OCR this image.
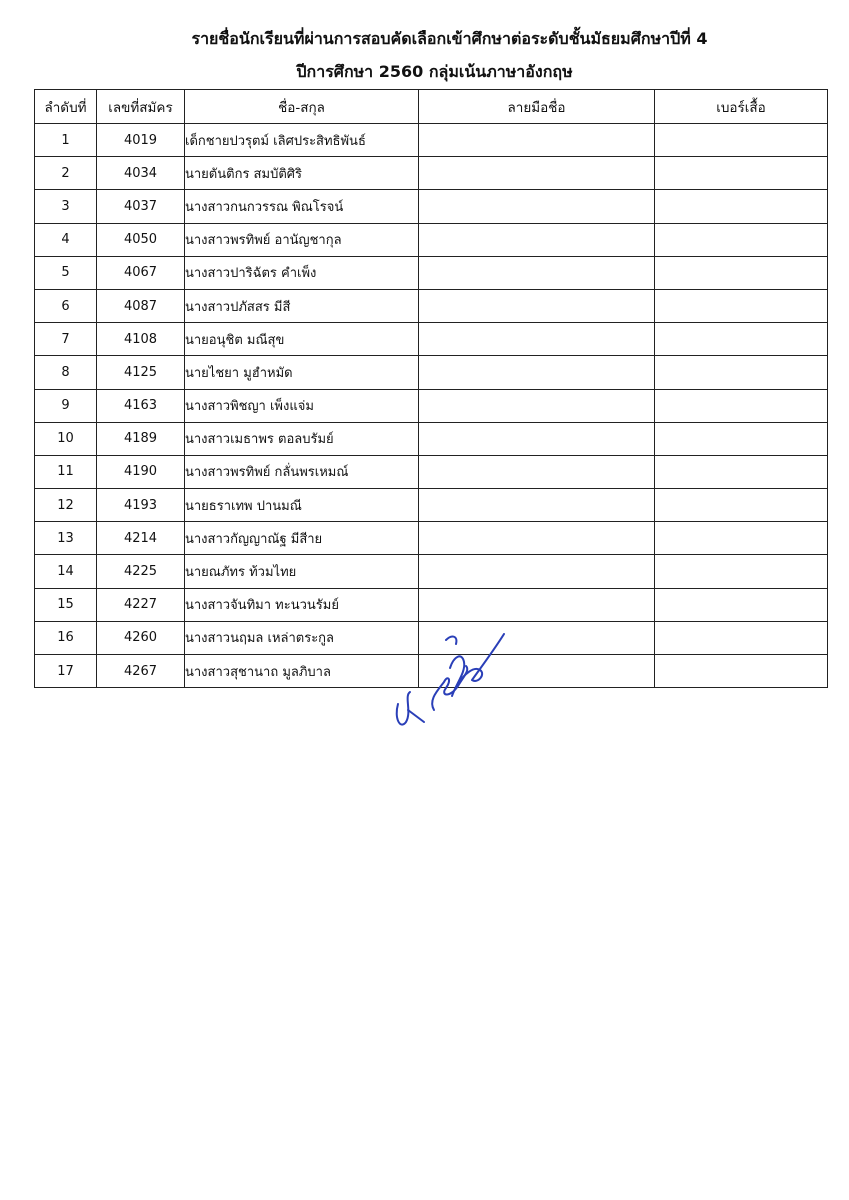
รายชื่อนักเรียนที่ผ่านการสอบคัดเลือกเข้าศึกษาต่อระดับชั้นมัธยมศึกษาปีที่ 4
ปีการศึกษา 2560 กลุ่มเน้นภาษาอังกฤษ
ลำดับที่	เลขที่สมัคร	ชื่อ-สกุล	ลายมือชื่อ	เบอร์เสื้อ
1	4019	เด็กชายปวรุตม์ เลิศประสิทธิพันธ์		
2	4034	นายตันติกร สมบัติศิริ		
3	4037	นางสาวกนกวรรณ พิณโรจน์		
4	4050	นางสาวพรทิพย์ อานัญชากุล		
5	4067	นางสาวปาริฉัตร คำเพ็ง		
6	4087	นางสาวปภัสสร มีสี		
7	4108	นายอนุชิต มณีสุข		
8	4125	นายไชยา มูฮำหมัด		
9	4163	นางสาวพิชญา เพ็งแจ่ม		
10	4189	นางสาวเมธาพร ตอลบรัมย์		
11	4190	นางสาวพรทิพย์ กลั่นพรเหมณ์		
12	4193	นายธราเทพ ปานมณี		
13	4214	นางสาวกัญญาณัฐ มีสีาย		
14	4225	นายณภัทร ท้วมไทย		
15	4227	นางสาวจันทิมา ทะนวนรัมย์		
16	4260	นางสาวนฤมล เหล่าตระกูล		
17	4267	นางสาวสุชานาถ มูลภิบาล		
